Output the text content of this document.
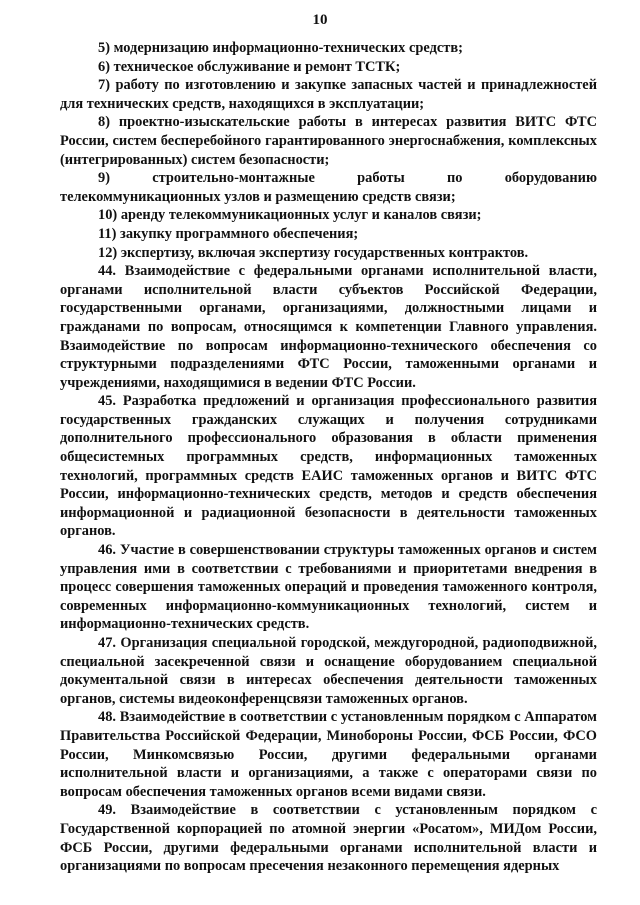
10

5) модернизацию информационно-технических средств;

6) техническое обслуживание и ремонт ТСТК;

7) работу по изготовлению и закупке запасных частей и принадлежностей для технических средств, находящихся в эксплуатации;

8) проектно-изыскательские работы в интересах развития ВИТС ФТС России, систем бесперебойного гарантированного энергоснабжения, комплексных (интегрированных) систем безопасности;

9) строительно-монтажные работы по оборудованию телекоммуникационных узлов и размещению средств связи;

10) аренду телекоммуникационных услуг и каналов связи;

11) закупку программного обеспечения;

12) экспертизу, включая экспертизу государственных контрактов.

44. Взаимодействие с федеральными органами исполнительной власти, органами исполнительной власти субъектов Российской Федерации, государственными органами, организациями, должностными лицами и гражданами по вопросам, относящимся к компетенции Главного управления. Взаимодействие по вопросам информационно-технического обеспечения со структурными подразделениями ФТС России, таможенными органами и учреждениями, находящимися в ведении ФТС России.

45. Разработка предложений и организация профессионального развития государственных гражданских служащих и получения сотрудниками дополнительного профессионального образования в области применения общесистемных программных средств, информационных таможенных технологий, программных средств ЕАИС таможенных органов и ВИТС ФТС России, информационно-технических средств, методов и средств обеспечения информационной и радиационной безопасности в деятельности таможенных органов.

46. Участие в совершенствовании структуры таможенных органов и систем управления ими в соответствии с требованиями и приоритетами внедрения в процесс совершения таможенных операций и проведения таможенного контроля, современных информационно-коммуникационных технологий, систем и информационно-технических средств.

47. Организация специальной городской, междугородной, радиоподвижной, специальной засекреченной связи и оснащение оборудованием специальной документальной связи в интересах обеспечения деятельности таможенных органов, системы видеоконференцсвязи таможенных органов.

48. Взаимодействие в соответствии с установленным порядком с Аппаратом Правительства Российской Федерации, Минобороны России, ФСБ России, ФСО России, Минкомсвязью России, другими федеральными органами исполнительной власти и организациями, а также с операторами связи по вопросам обеспечения таможенных органов всеми видами связи.

49. Взаимодействие в соответствии с установленным порядком с Государственной корпорацией по атомной энергии «Росатом», МИДом России, ФСБ России, другими федеральными органами исполнительной власти и организациями по вопросам пресечения незаконного перемещения ядерных
